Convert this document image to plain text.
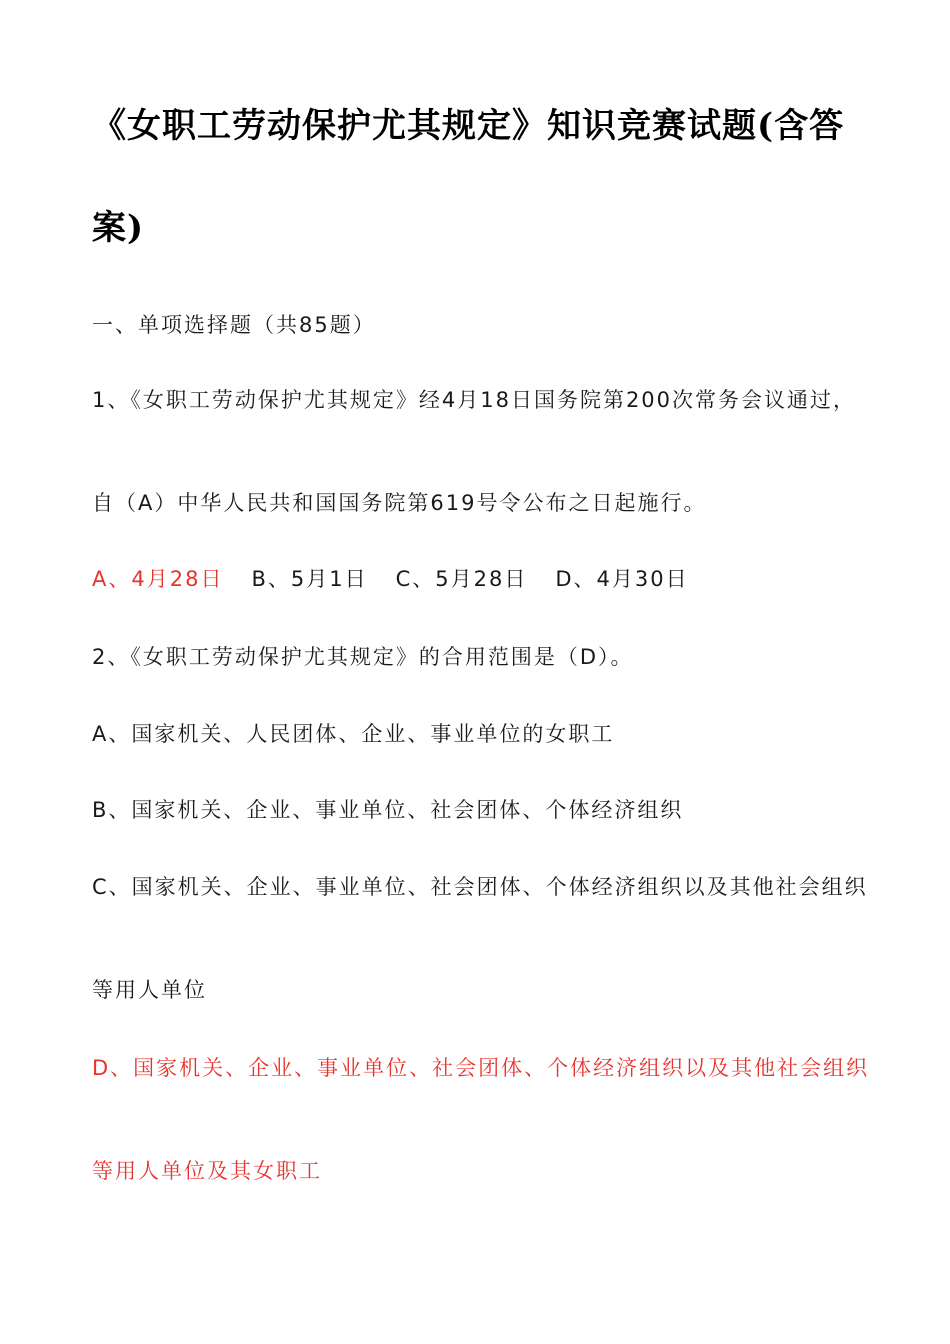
《女职工劳动保护尤其规定》知识竞赛试题(含答
案)
一、单项选择题（共85题）
1、《女职工劳动保护尤其规定》经4月18日国务院第200次常务会议通过，
自（A）中华人民共和国国务院第619号令公布之日起施行。
A、4月28日 B、5月1日 C、5月28日 D、4月30日
2、《女职工劳动保护尤其规定》的合用范围是（D）。
A、国家机关、人民团体、企业、事业单位的女职工
B、国家机关、企业、事业单位、社会团体、个体经济组织
C、国家机关、企业、事业单位、社会团体、个体经济组织以及其他社会组织
等用人单位
D、国家机关、企业、事业单位、社会团体、个体经济组织以及其他社会组织
等用人单位及其女职工
